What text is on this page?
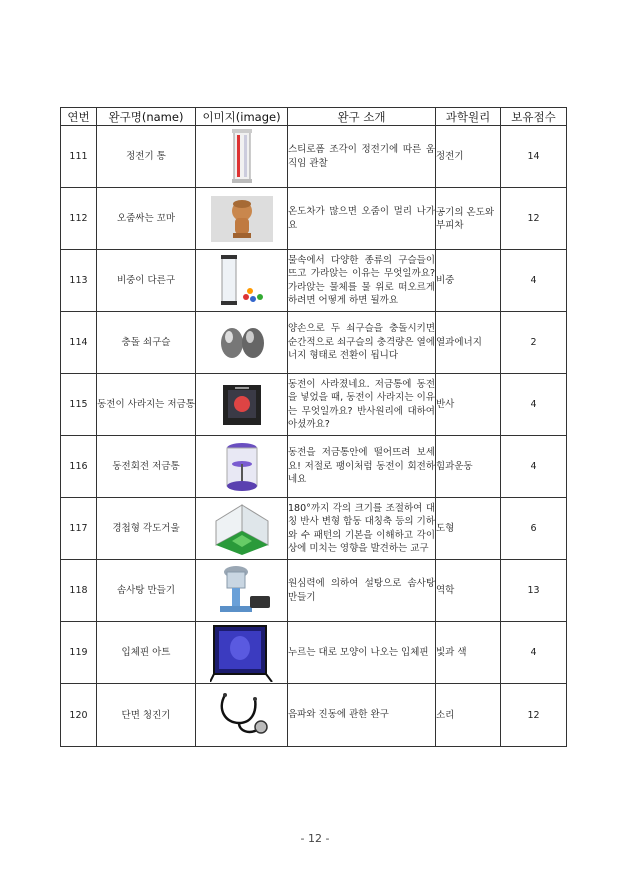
연번	완구명(name)	이미지(image)	완구 소개	과학원리	보유점수
111	정전기 통		스티로폼 조각이 정전기에 따른 움직임 관찰	정전기	14
112	오줌싸는 꼬마		온도차가 많으면 오줌이 멀리 나가요	공기의 온도와 부피차	12
113	비중이 다른구		물속에서 다양한 종류의 구슬들이 뜨고 가라앉는 이유는 무엇일까요? 가라앉는 물체를 물 위로 떠오르게 하려면 어떻게 하면 될까요	비중	4
114	충돌 쇠구슬		양손으로 두 쇠구슬을 충돌시키면 순간적으로 쇠구슬의 충격량은 열에너지 형태로 전환이 됩니다	열과에너지	2
115	동전이 사라지는 저금통		동전이 사라졌네요. 저금통에 동전을 넣었을 때, 동전이 사라지는 이유는 무엇일까요? 반사원리에 대하여 아셨까요?	반사	4
116	동전회전 저금통		동전을 저금통안에 떨어뜨려 보세요! 저절로 팽이처럼 동전이 회전하네요	힘과운동	4
117	경첩형 각도거울		180°까지 각의 크기를 조절하여 대칭 반사 변형 합동 대칭축 등의 기하와 수 패턴의 기본을 이해하고 각이 상에 미치는 영향을 발견하는 교구	도형	6
118	솜사탕 만들기		원심력에 의하여 설탕으로 솜사탕 만들기	역학	13
119	입체핀 아트		누르는 대로 모양이 나오는 입체핀	빛과 색	4
120	단면 청진기		음파와 진동에 관한 완구	소리	12
- 12 -
